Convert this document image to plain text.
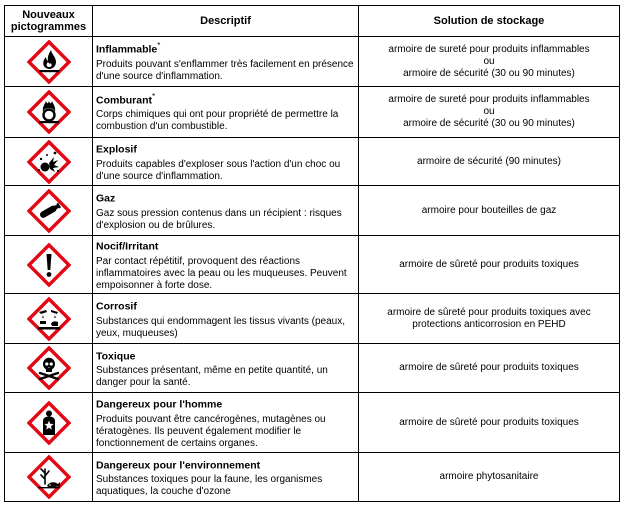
Nouveaux
pictogrammes	Descriptif	Solution de stockage

Inflammable*
Produits pouvant s'enflammer très facilement en présence d'une source d'inflammation.	armoire de sureté pour produits inflammables
ou
armoire de sécurité (30 ou 90 minutes)

Comburant*
Corps chimiques qui ont pour propriété de permettre la combustion d'un combustible.	armoire de sureté pour produits inflammables
ou
armoire de sécurité (30 ou 90 minutes)

Explosif
Produits capables d'exploser sous l'action d'un choc ou d'une source d'inflammation.	armoire de sécurité (90 minutes)

Gaz
Gaz sous pression contenus dans un récipient : risques d'explosion ou de brûlures.	armoire pour bouteilles de gaz

Nocif/Irritant
Par contact répétitif, provoquent des réactions inflammatoires avec la peau ou les muqueuses. Peuvent empoisonner à forte dose.	armoire de sûreté pour produits toxiques

Corrosif
Substances qui endommagent les tissus vivants (peaux, yeux, muqueuses)	armoire de sûreté pour produits toxiques avec protections anticorrosion en PEHD

Toxique
Substances présentant, même en petite quantité, un danger pour la santé.	armoire de sûreté pour produits toxiques

Dangereux pour l'homme
Produits pouvant être cancérogènes, mutagènes ou tératogènes. Ils peuvent également modifier le fonctionnement de certains organes.	armoire de sûreté pour produits toxiques

Dangereux pour l'environnement
Substances toxiques pour la faune, les organismes aquatiques, la couche d'ozone	armoire phytosanitaire
